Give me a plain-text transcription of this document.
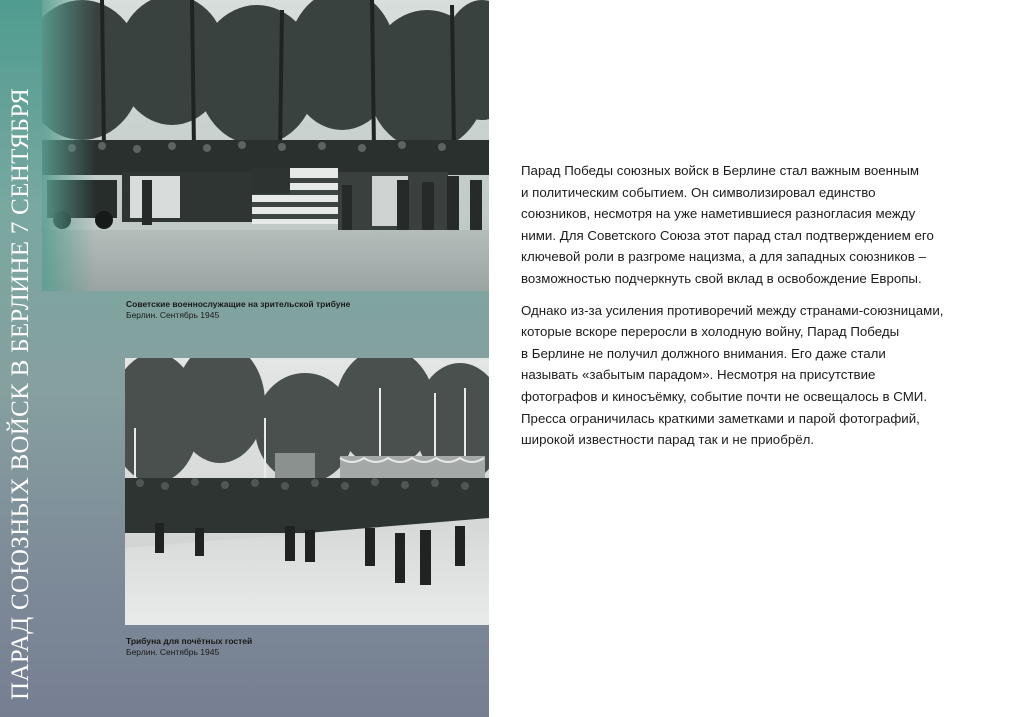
ПАРАД СОЮЗНЫХ ВОЙСК В БЕРЛИНЕ 7 СЕНТЯБРЯ	Советские военнослужащие на зрительской трибуне
Берлин. Сентябрь 1945
Трибуна для почётных гостей
Берлин. Сентябрь 1945

Парад Победы союзных войск в Берлине стал важным военным
и политическим событием. Он символизировал единство
союзников, несмотря на уже наметившиеся разногласия между
ними. Для Советского Союза этот парад стал подтверждением его
ключевой роли в разгроме нацизма, а для западных союзников –
возможностью подчеркнуть свой вклад в освобождение Европы.

Однако из-за усиления противоречий между странами-союзницами,
которые вскоре переросли в холодную войну, Парад Победы
в Берлине не получил должного внимания. Его даже стали
называть «забытым парадом». Несмотря на присутствие
фотографов и киносъёмку, событие почти не освещалось в СМИ.
Пресса ограничилась краткими заметками и парой фотографий,
широкой известности парад так и не приобрёл.
